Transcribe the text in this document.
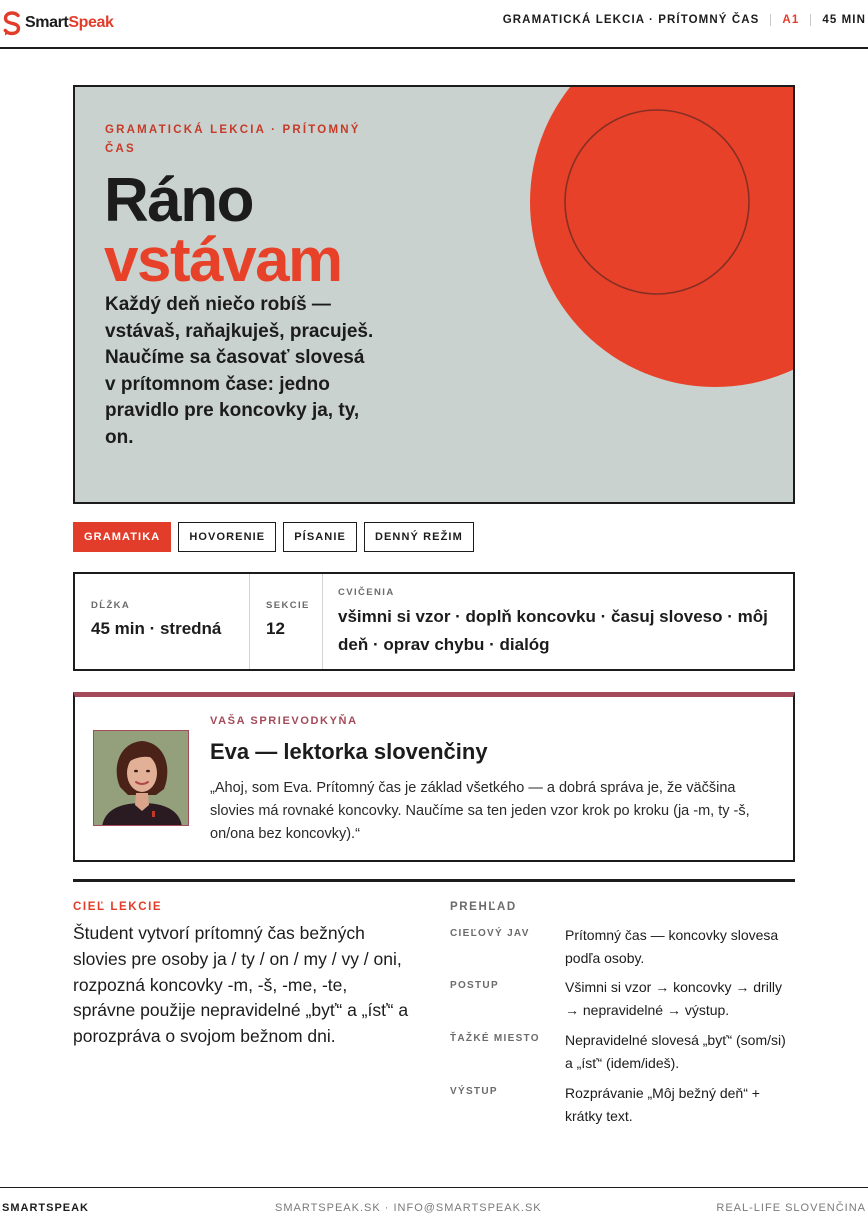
SmartSpeak	GRAMATICKÁ LEKCIA · PRÍTOMNÝ ČAS A1 45 MIN
GRAMATICKÁ LEKCIA · PRÍTOMNÝ ČAS
Ráno
vstávam

Každý deň niečo robíš — vstávaš, raňajkuješ, pracuješ. Naučíme sa časovať slovesá v prítomnom čase: jedno pravidlo pre koncovky ja, ty, on.

GRAMATIKA	HOVORENIE	PÍSANIE	DENNÝ REŽIM
DĹŽKA
45 min · stredná
SEKCIE
12
CVIČENIA
všimni si vzor · doplň koncovku · časuj sloveso · môj deň · oprav chybu · dialóg
VAŠA SPRIEVODKYŇA
Eva — lektorka slovenčiny

„Ahoj, som Eva. Prítomný čas je základ všetkého — a dobrá správa je, že väčšina slovies má rovnaké koncovky. Naučíme sa ten jeden vzor krok po kroku (ja -m, ty -š, on/ona bez koncovky).“

CIEĽ LEKCIE

Študent vytvorí prítomný čas bežných slovies pre osoby ja / ty / on / my / vy / oni, rozpozná koncovky -m, -š, -me, -te, správne použije nepravidelné „byť“ a „ísť“ a porozpráva o svojom bežnom dni.

PREHĽAD
CIEĽOVÝ JAV	Prítomný čas — koncovky slovesa podľa osoby.
POSTUP	Všimni si vzor → koncovky → drilly → nepravidelné → výstup.
ŤAŽKÉ MIESTO Nepravidelné slovesá „byť“ (som/si) a „ísť“ (idem/ideš).
VÝSTUP	Rozprávanie „Môj bežný deň“ + krátky text.
SMARTSPEAK	SMARTSPEAK.SK · INFO@SMARTSPEAK.SK	REAL-LIFE SLOVENČINA
